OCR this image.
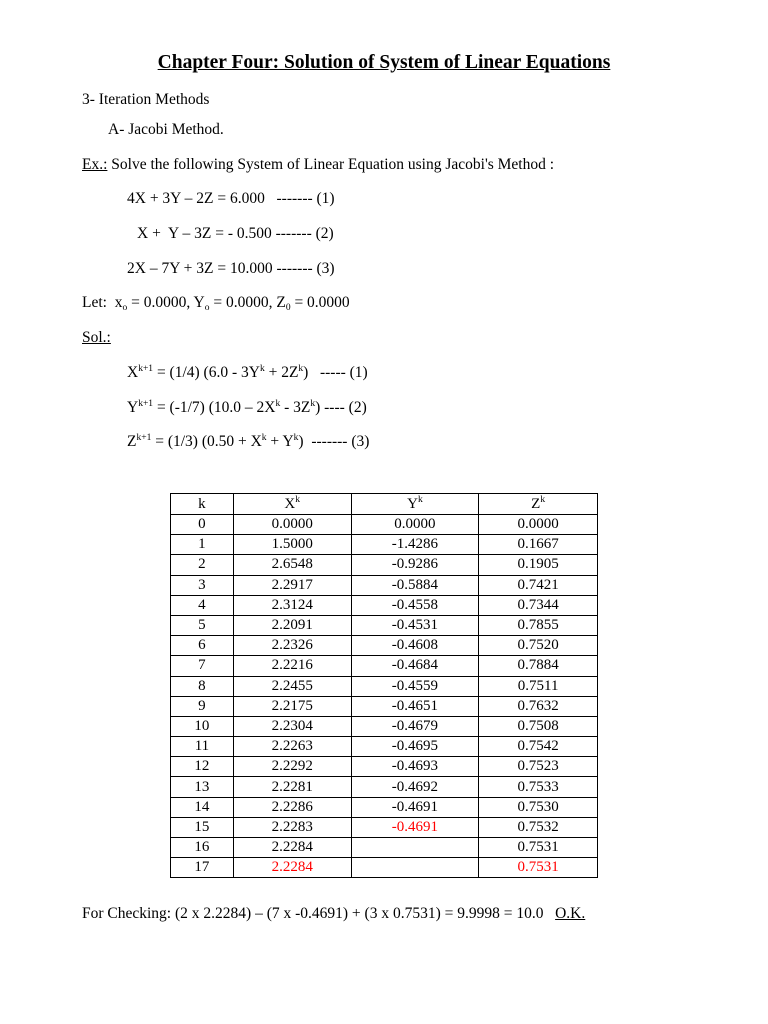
Chapter Four: Solution of System of Linear Equations
3- Iteration Methods
A- Jacobi Method.
Ex.: Solve the following System of Linear Equation using Jacobi's Method :
4X + 3Y – 2Z = 6.000   ------- (1)
X +  Y – 3Z = - 0.500 ------- (2)
2X – 7Y + 3Z = 10.000 ------- (3)
Let:  $x_o = 0.0000$, $Y_o = 0.0000$, $Z_0 = 0.0000$
Sol.:
$X^{k+1} = (1/4)$ $(6.0 - 3Y^k + 2Z^k)$   ----- (1)
$Y^{k+1} = (-1/7)$ $(10.0 - 2X^k - 3Z^k)$ ---- (2)
$Z^{k+1} = (1/3) (0.50 + X^k + Y^k)$  ------- (3)
k	$X^k$	$Y^k$	$Z^k$
0	0.0000	0.0000	0.0000
1	1.5000	-1.4286	0.1667
2	2.6548	-0.9286	0.1905
3	2.2917	-0.5884	0.7421
4	2.3124	-0.4558	0.7344
5	2.2091	-0.4531	0.7855
6	2.2326	-0.4608	0.7520
7	2.2216	-0.4684	0.7884
8	2.2455	-0.4559	0.7511
9	2.2175	-0.4651	0.7632
10	2.2304	-0.4679	0.7508
11	2.2263	-0.4695	0.7542
12	2.2292	-0.4693	0.7523
13	2.2281	-0.4692	0.7533
14	2.2286	-0.4691	0.7530
15	2.2283	-0.4691	0.7532
16	2.2284		0.7531
17	2.2284		0.7531
For Checking: (2 x 2.2284) – (7 x -0.4691) + (3 x 0.7531) = 9.9998 = 10.0 O.K.
